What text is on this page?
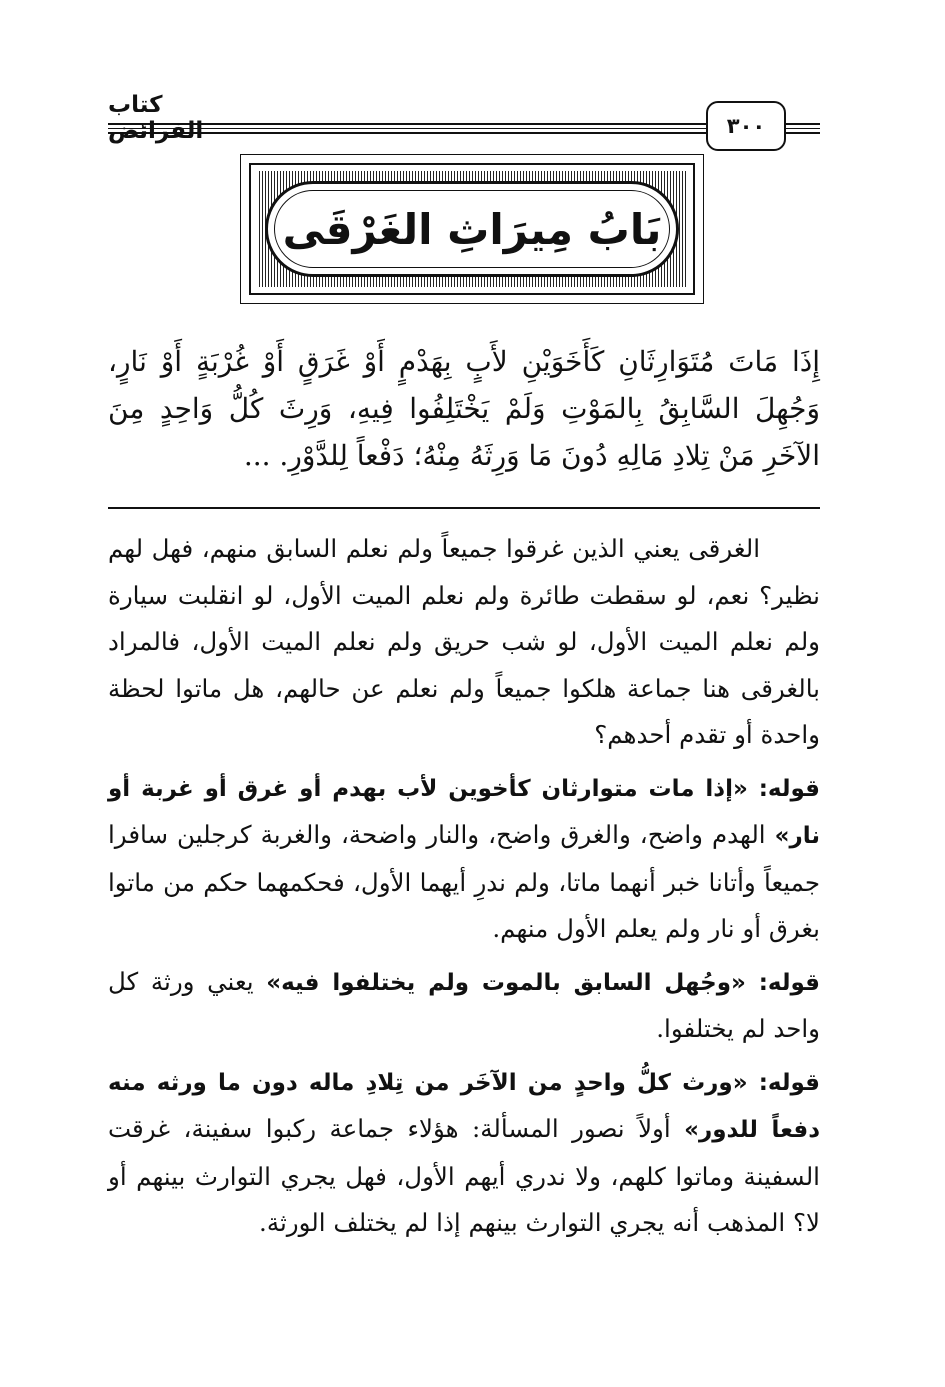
كتاب الفرائض	٣٠٠
بَابُ مِيرَاثِ الغَرْقَى
إِذَا مَاتَ مُتَوَارِثَانِ كَأَخَوَيْنِ لأَبٍ بِهَدْمٍ أَوْ غَرَقٍ أَوْ غُرْبَةٍ أَوْ نَارٍ، وَجُهِلَ السَّابِقُ بِالمَوْتِ وَلَمْ يَخْتَلِفُوا فِيهِ، وَرِثَ كُلُّ وَاحِدٍ مِنَ الآخَرِ مَنْ تِلادِ مَالِهِ دُونَ مَا وَرِثَهُ مِنْهُ؛ دَفْعاً لِلدَّوْرِ. ...

الغرقى يعني الذين غرقوا جميعاً ولم نعلم السابق منهم، فهل لهم نظير؟ نعم، لو سقطت طائرة ولم نعلم الميت الأول، لو انقلبت سيارة ولم نعلم الميت الأول، لو شب حريق ولم نعلم الميت الأول، فالمراد بالغرقى هنا جماعة هلكوا جميعاً ولم نعلم عن حالهم، هل ماتوا لحظة واحدة أو تقدم أحدهم؟

قوله: «إذا مات متوارثان كأخوين لأب بهدم أو غرق أو غربة أو نار» الهدم واضح، والغرق واضح، والنار واضحة، والغربة كرجلين سافرا جميعاً وأتانا خبر أنهما ماتا، ولم ندرِ أيهما الأول، فحكمهما حكم من ماتوا بغرق أو نار ولم يعلم الأول منهم.

قوله: «وجُهل السابق بالموت ولم يختلفوا فيه» يعني ورثة كل واحد لم يختلفوا.

قوله: «ورث كلُّ واحدٍ من الآخَر من تِلادِ ماله دون ما ورثه منه دفعاً للدور» أولاً نصور المسألة: هؤلاء جماعة ركبوا سفينة، غرقت السفينة وماتوا كلهم، ولا ندري أيهم الأول، فهل يجري التوارث بينهم أو لا؟ المذهب أنه يجري التوارث بينهم إذا لم يختلف الورثة.
